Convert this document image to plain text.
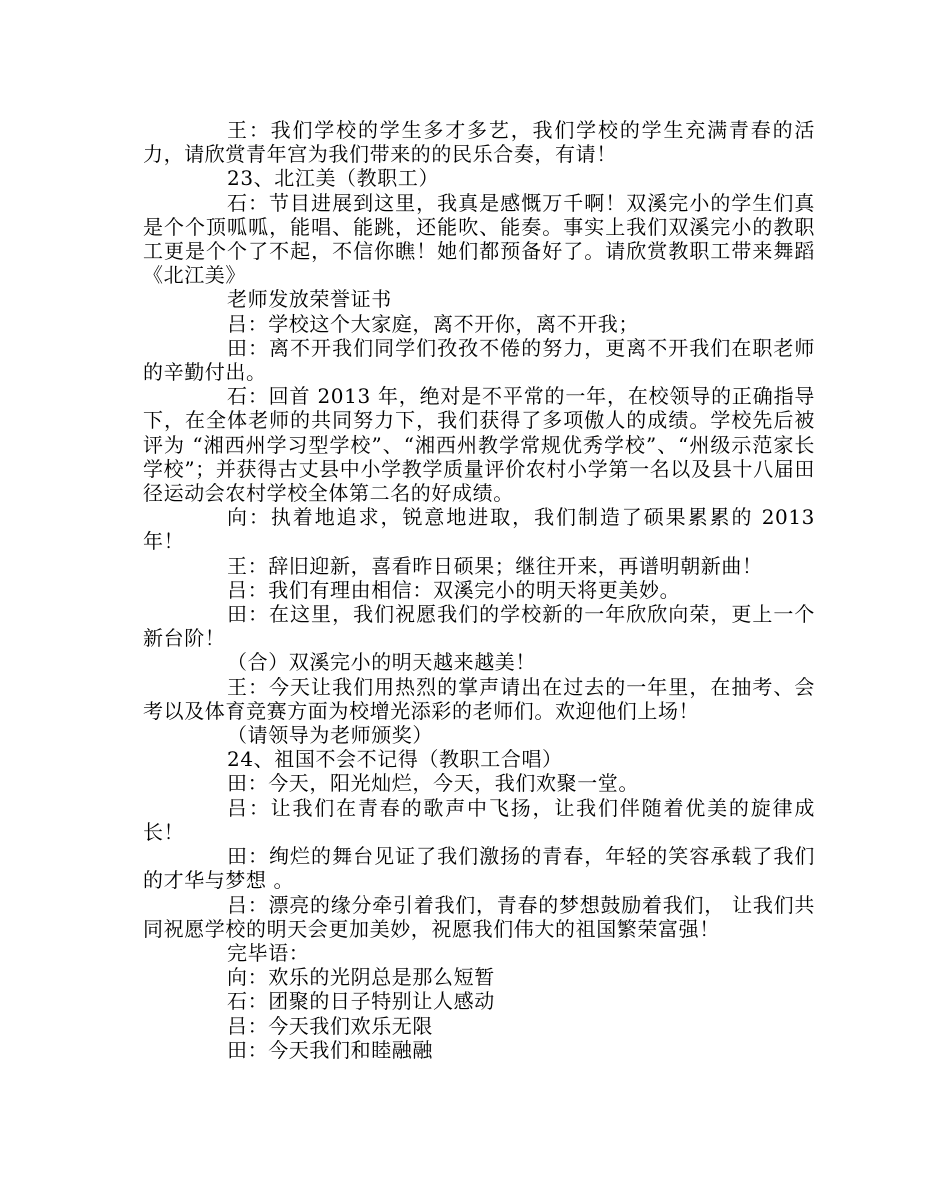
王：我们学校的学生多才多艺，我们学校的学生充满青春的活力，请欣赏青年宫为我们带来的的民乐合奏，有请！

23、北江美（教职工）

石：节目进展到这里，我真是感慨万千啊！双溪完小的学生们真是个个顶呱呱，能唱、能跳，还能吹、能奏。事实上我们双溪完小的教职工更是个个了不起，不信你瞧！她们都预备好了。请欣赏教职工带来舞蹈《北江美》

老师发放荣誉证书

吕：学校这个大家庭，离不开你，离不开我；

田：离不开我们同学们孜孜不倦的努力，更离不开我们在职老师的辛勤付出。

石：回首 2013 年，绝对是不平常的一年，在校领导的正确指导下，在全体老师的共同努力下，我们获得了多项傲人的成绩。学校先后被评为 “湘西州学习型学校”、“湘西州教学常规优秀学校”、“州级示范家长学校”；并获得古丈县中小学教学质量评价农村小学第一名以及县十八届田径运动会农村学校全体第二名的好成绩。

向：执着地追求，锐意地进取，我们制造了硕果累累的 2013 年！

王：辞旧迎新，喜看昨日硕果；继往开来，再谱明朝新曲！

吕：我们有理由相信：双溪完小的明天将更美妙。

田：在这里，我们祝愿我们的学校新的一年欣欣向荣，更上一个新台阶！

（合）双溪完小的明天越来越美！

王：今天让我们用热烈的掌声请出在过去的一年里，在抽考、会考以及体育竞赛方面为校增光添彩的老师们。欢迎他们上场！

（请领导为老师颁奖）

24、祖国不会不记得（教职工合唱）

田：今天，阳光灿烂，今天，我们欢聚一堂。

吕：让我们在青春的歌声中飞扬，让我们伴随着优美的旋律成长！

田：绚烂的舞台见证了我们激扬的青春，年轻的笑容承载了我们的才华与梦想 。

吕：漂亮的缘分牵引着我们，青春的梦想鼓励着我们， 让我们共同祝愿学校的明天会更加美妙，祝愿我们伟大的祖国繁荣富强！

完毕语：

向：欢乐的光阴总是那么短暂

石：团聚的日子特别让人感动

吕：今天我们欢乐无限

田：今天我们和睦融融
